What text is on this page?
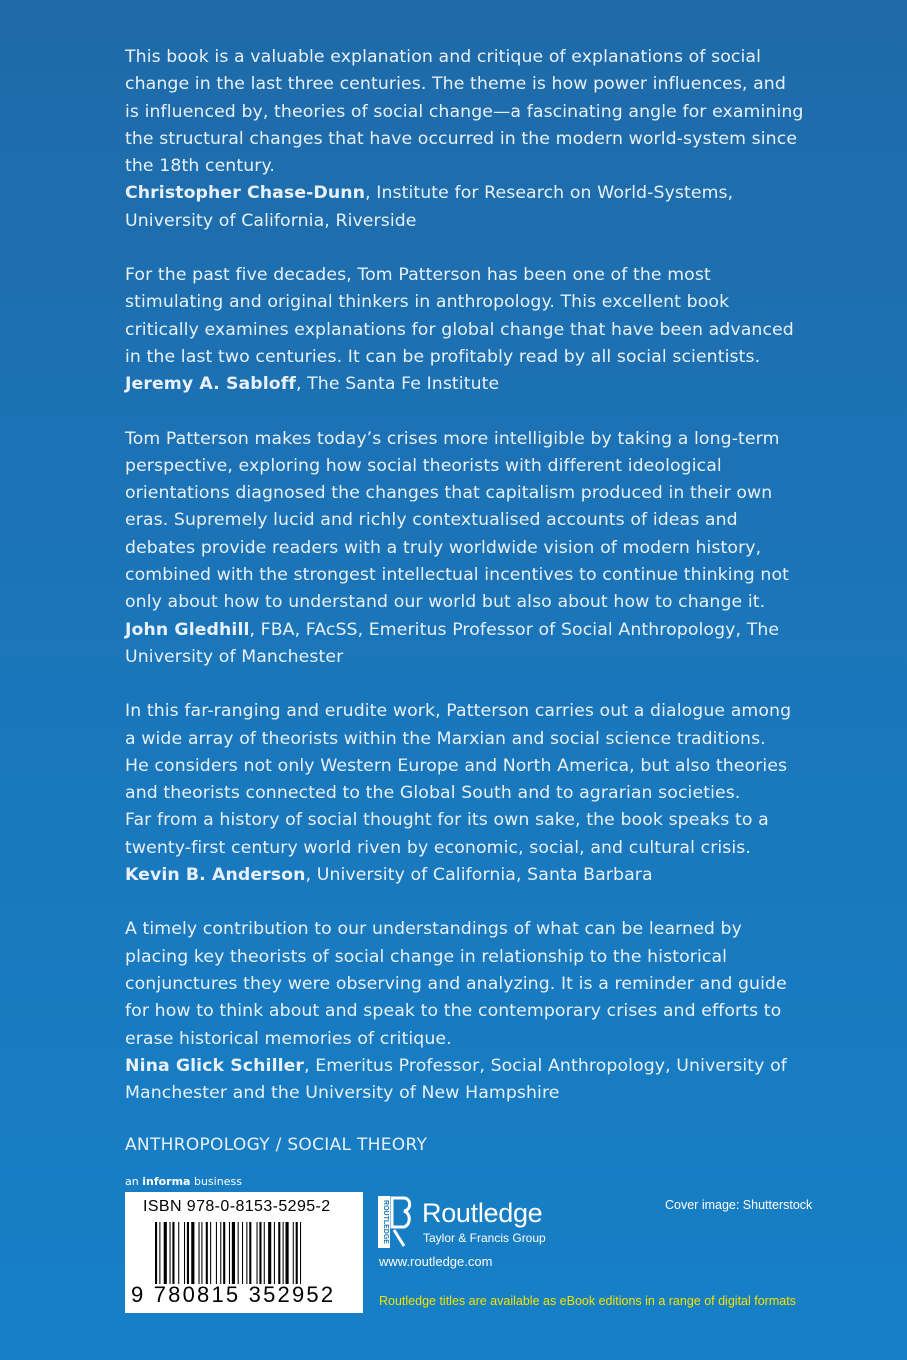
This book is a valuable explanation and critique of explanations of social

change in the last three centuries. The theme is how power influences, and

is influenced by, theories of social change—a fascinating angle for examining

the structural changes that have occurred in the modern world-system since

the 18th century.

Christopher Chase-Dunn, Institute for Research on World-Systems,

University of California, Riverside

For the past five decades, Tom Patterson has been one of the most

stimulating and original thinkers in anthropology. This excellent book

critically examines explanations for global change that have been advanced

in the last two centuries. It can be profitably read by all social scientists.

Jeremy A. Sabloff, The Santa Fe Institute

Tom Patterson makes today’s crises more intelligible by taking a long-term

perspective, exploring how social theorists with different ideological

orientations diagnosed the changes that capitalism produced in their own

eras. Supremely lucid and richly contextualised accounts of ideas and

debates provide readers with a truly worldwide vision of modern history,

combined with the strongest intellectual incentives to continue thinking not

only about how to understand our world but also about how to change it.

John Gledhill, FBA, FAcSS, Emeritus Professor of Social Anthropology, The

University of Manchester

In this far-ranging and erudite work, Patterson carries out a dialogue among

a wide array of theorists within the Marxian and social science traditions.

He considers not only Western Europe and North America, but also theories

and theorists connected to the Global South and to agrarian societies.

Far from a history of social thought for its own sake, the book speaks to a

twenty-first century world riven by economic, social, and cultural crisis.

Kevin B. Anderson, University of California, Santa Barbara

A timely contribution to our understandings of what can be learned by

placing key theorists of social change in relationship to the historical

conjunctures they were observing and analyzing. It is a reminder and guide

for how to think about and speak to the contemporary crises and efforts to

erase historical memories of critique.

Nina Glick Schiller, Emeritus Professor, Social Anthropology, University of

Manchester and the University of New Hampshire

ANTHROPOLOGY / SOCIAL THEORY
an informa business
ISBN 978-0-8153-5295-2
9 780815 352952
ROUTLEDGE Routledge
Taylor & Francis Group
www.routledge.com
Cover image: Shutterstock
Routledge titles are available as eBook editions in a range of digital formats
